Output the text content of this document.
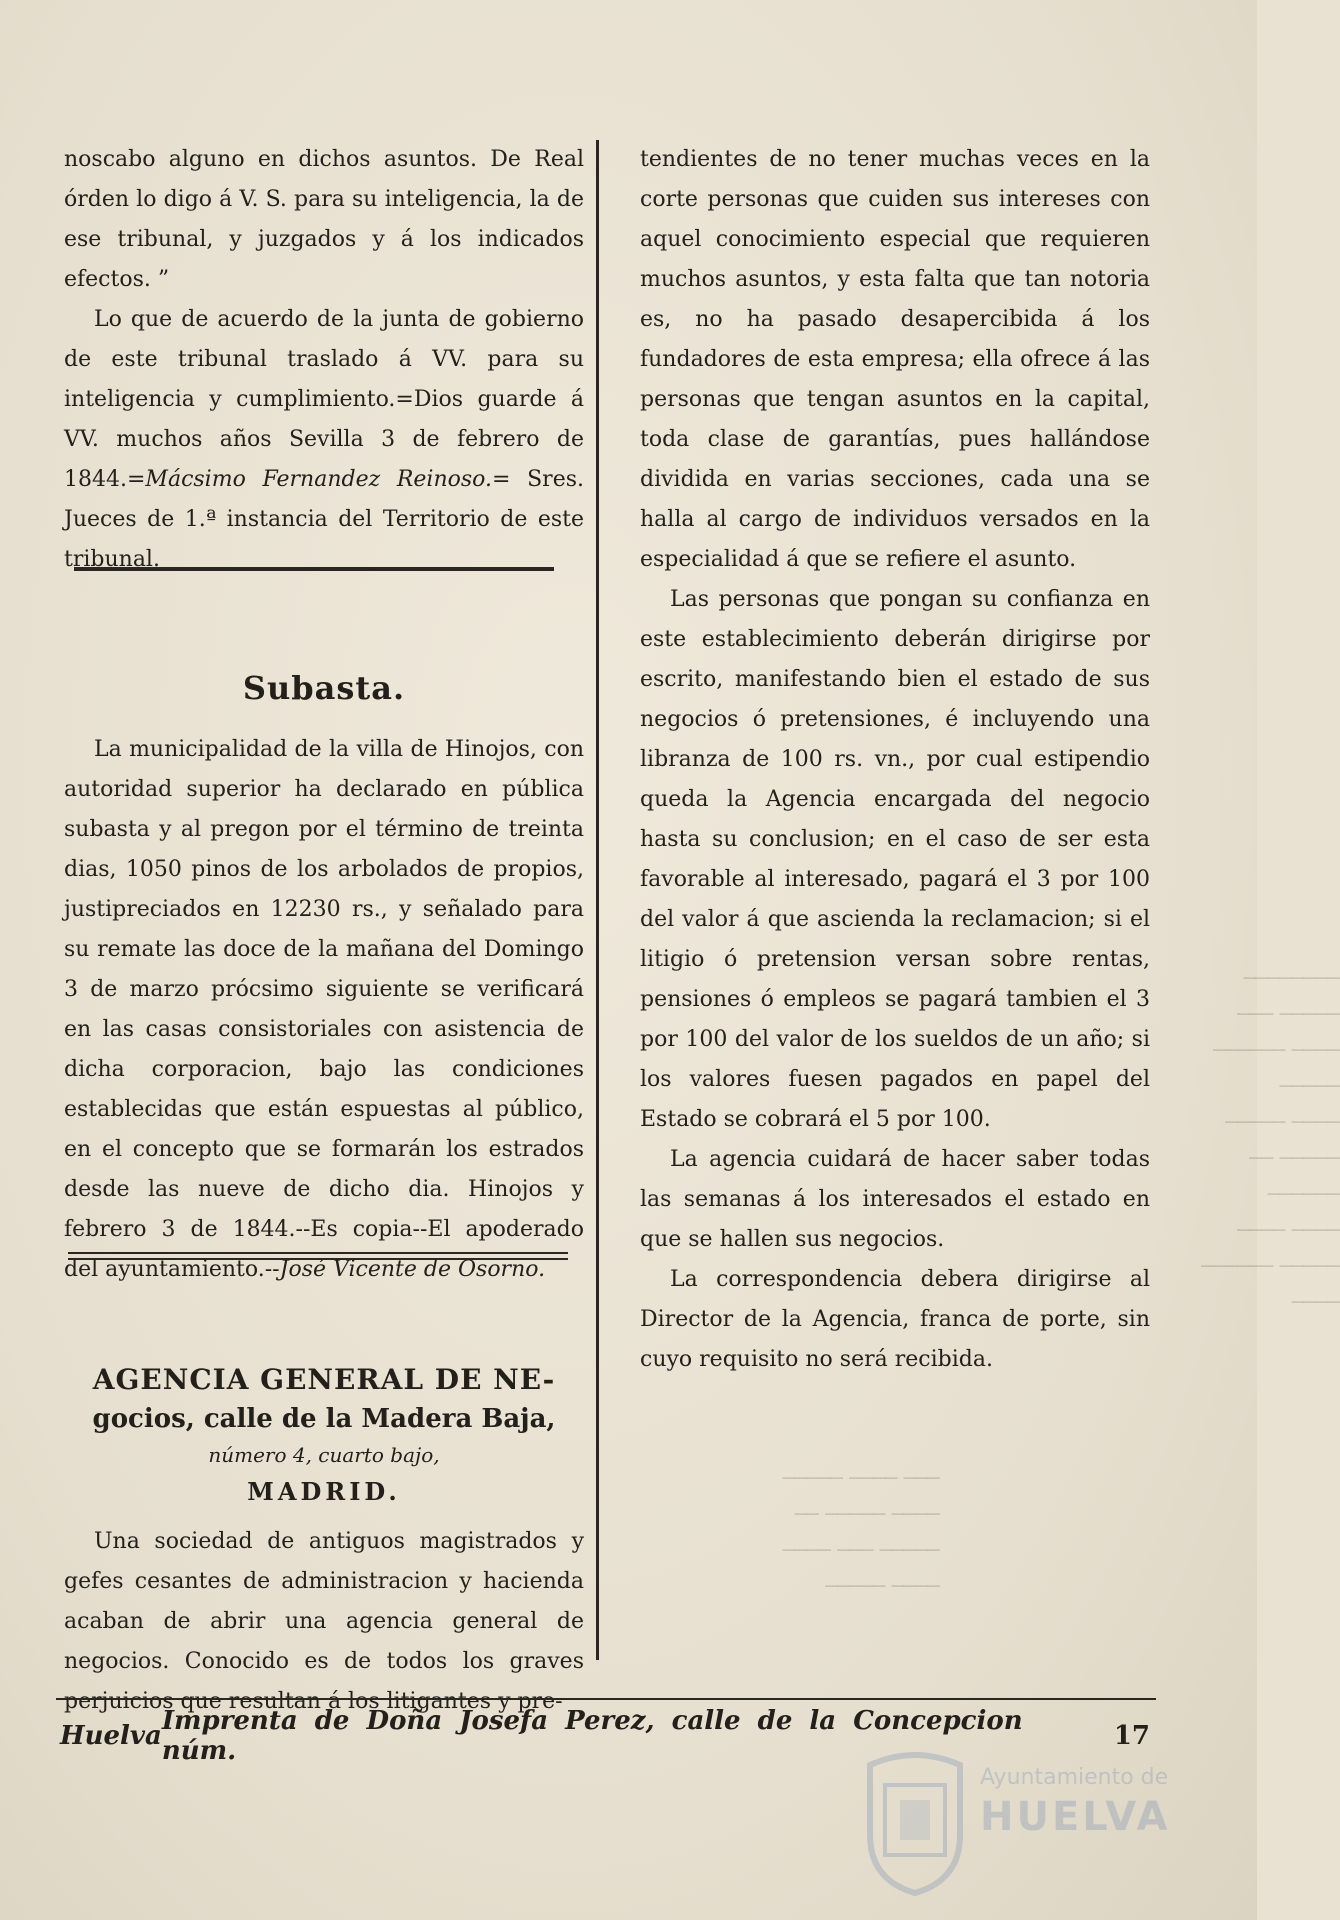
────────
───── ───
──── ──────
─────
──── ─────
───── ──
──────
──── ────
───── ──────
────
─── ──── ─────
──── ───── ──
───── ─── ────
──── ─────

noscabo alguno en dichos asuntos. De Real órden lo digo á V. S. para su inteligencia, la de ese tribunal, y juzgados y á los indicados efectos. ”

Lo que de acuerdo de la junta de gobierno de este tribunal traslado á VV. para su inteligencia y cumplimiento.=Dios guarde á VV. muchos años Sevilla 3 de febrero de 1844.=Mácsimo Fernandez Reinoso.= Sres. Jueces de 1.ª instancia del Territorio de este tribunal.

Subasta.

La municipalidad de la villa de Hinojos, con autoridad superior ha declarado en pública subasta y al pregon por el término de treinta dias, 1050 pinos de los arbolados de propios, justipreciados en 12230 rs., y señalado para su remate las doce de la mañana del Domingo 3 de marzo prócsimo siguiente se verificará en las casas consistoriales con asistencia de dicha corporacion, bajo las condiciones establecidas que están espuestas al público, en el concepto que se formarán los estrados desde las nueve de dicho dia. Hinojos y febrero 3 de 1844.--Es copia--El apoderado del ayuntamiento.--José Vicente de Osorno.

AGENCIA GENERAL DE NE-
gocios, calle de la Madera Baja,
número 4, cuarto bajo,
MADRID.

Una sociedad de antiguos magistrados y gefes cesantes de administracion y hacienda acaban de abrir una agencia general de negocios. Conocido es de todos los graves perjuicios que resultan á los litigantes y pre-

tendientes de no tener muchas veces en la corte personas que cuiden sus intereses con aquel conocimiento especial que requieren muchos asuntos, y esta falta que tan notoria es, no ha pasado desapercibida á los fundadores de esta empresa; ella ofrece á las personas que tengan asuntos en la capital, toda clase de garantías, pues hallándose dividida en varias secciones, cada una se halla al cargo de individuos versados en la especialidad á que se refiere el asunto.

Las personas que pongan su confianza en este establecimiento deberán dirigirse por escrito, manifestando bien el estado de sus negocios ó pretensiones, é incluyendo una libranza de 100 rs. vn., por cual estipendio queda la Agencia encargada del negocio hasta su conclusion; en el caso de ser esta favorable al interesado, pagará el 3 por 100 del valor á que ascienda la reclamacion; si el litigio ó pretension versan sobre rentas, pensiones ó empleos se pagará tambien el 3 por 100 del valor de los sueldos de un año; si los valores fuesen pagados en papel del Estado se cobrará el 5 por 100.

La agencia cuidará de hacer saber todas las semanas á los interesados el estado en que se hallen sus negocios.

La correspondencia debera dirigirse al Director de la Agencia, franca de porte, sin cuyo requisito no será recibida.

Huelva Imprenta de Doña Josefa Perez, calle de la Concepcion núm.	17
Ayuntamiento de
HUELVA
